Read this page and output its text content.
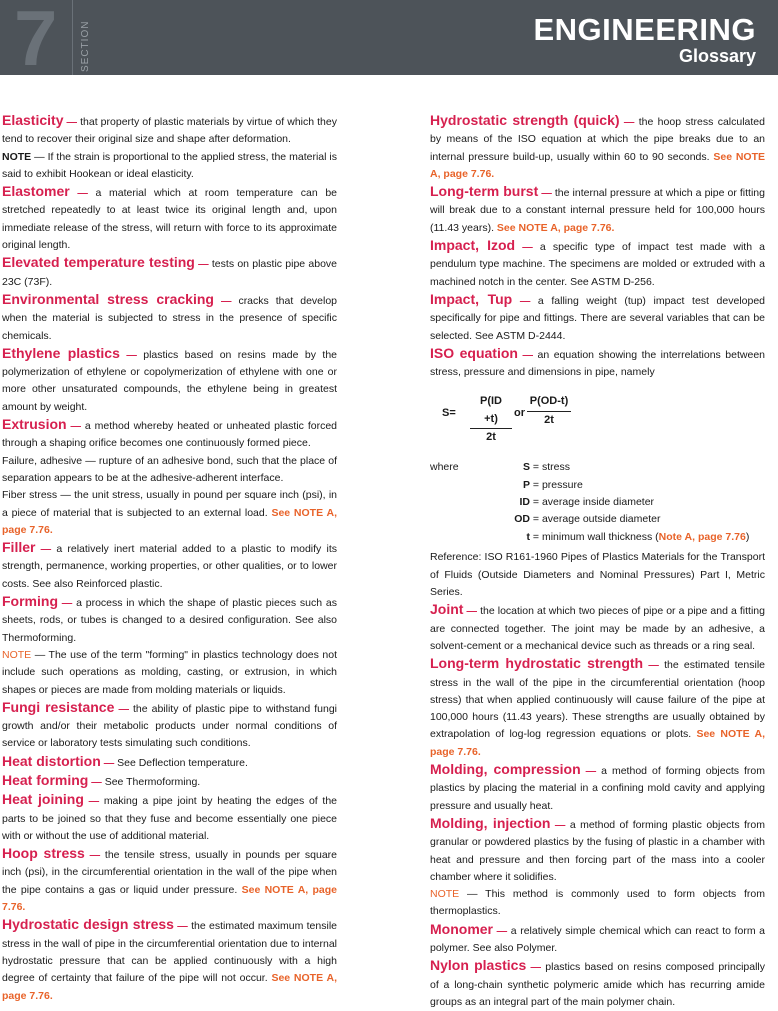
7 SECTION	ENGINEERING
Glossary

Elasticity — that property of plastic materials by virtue of which they tend to recover their original size and shape after deformation.

NOTE — If the strain is proportional to the applied stress, the material is said to exhibit Hookean or ideal elasticity.

Elastomer — a material which at room temperature can be stretched repeatedly to at least twice its original length and, upon immediate release of the stress, will return with force to its approximate original length.

Elevated temperature testing — tests on plastic pipe above 23C (73F).

Environmental stress cracking — cracks that develop when the material is subjected to stress in the presence of specific chemicals.

Ethylene plastics — plastics based on resins made by the polymerization of ethylene or copolymerization of ethylene with one or more other unsaturated compounds, the ethylene being in greatest amount by weight.

Extrusion — a method whereby heated or unheated plastic forced through a shaping orifice becomes one continuously formed piece.

Failure, adhesive — rupture of an adhesive bond, such that the place of separation appears to be at the adhesive-adherent interface.

Fiber stress — the unit stress, usually in pound per square inch (psi), in a piece of material that is subjected to an external load. See NOTE A, page 7.76.

Filler — a relatively inert material added to a plastic to modify its strength, permanence, working properties, or other qualities, or to lower costs. See also Reinforced plastic.

Forming — a process in which the shape of plastic pieces such as sheets, rods, or tubes is changed to a desired configuration. See also Thermoforming.

NOTE — The use of the term "forming" in plastics technology does not include such operations as molding, casting, or extrusion, in which shapes or pieces are made from molding materials or liquids.

Fungi resistance — the ability of plastic pipe to withstand fungi growth and/or their metabolic products under normal conditions of service or laboratory tests simulating such conditions.

Heat distortion — See Deflection temperature.

Heat forming — See Thermoforming.

Heat joining — making a pipe joint by heating the edges of the parts to be joined so that they fuse and become essentially one piece with or without the use of additional material.

Hoop stress — the tensile stress, usually in pounds per square inch (psi), in the circumferential orientation in the wall of the pipe when the pipe contains a gas or liquid under pressure. See NOTE A, page 7.76.

Hydrostatic design stress — the estimated maximum tensile stress in the wall of pipe in the circumferential orientation due to internal hydrostatic pressure that can be applied continuously with a high degree of certainty that failure of the pipe will not occur. See NOTE A, page 7.76.

Hydrostatic strength (quick) — the hoop stress calculated by means of the ISO equation at which the pipe breaks due to an internal pressure build-up, usually within 60 to 90 seconds. See NOTE A, page 7.76.

Long-term burst — the internal pressure at which a pipe or fitting will break due to a constant internal pressure held for 100,000 hours (11.43 years). See NOTE A, page 7.76.

Impact, Izod — a specific type of impact test made with a pendulum type machine. The specimens are molded or extruded with a machined notch in the center. See ASTM D-256.

Impact, Tup — a falling weight (tup) impact test developed specifically for pipe and fittings. There are several variables that can be selected. See ASTM D-2444.

ISO equation — an equation showing the interrelations between stress, pressure and dimensions in pipe, namely

$S= \frac{P(ID +t)}{2t}$ or $\frac{P(OD-t)}{2t}$
where	S = stress
P = pressure
ID = average inside diameter
OD = average outside diameter
t = minimum wall thickness (Note A, page 7.76)

Reference: ISO R161-1960 Pipes of Plastics Materials for the Transport of Fluids (Outside Diameters and Nominal Pressures) Part I, Metric Series.

Joint — the location at which two pieces of pipe or a pipe and a fitting are connected together. The joint may be made by an adhesive, a solvent-cement or a mechanical device such as threads or a ring seal.

Long-term hydrostatic strength — the estimated tensile stress in the wall of the pipe in the circumferential orientation (hoop stress) that when applied continuously will cause failure of the pipe at 100,000 hours (11.43 years). These strengths are usually obtained by extrapolation of log-log regression equations or plots. See NOTE A, page 7.76.

Molding, compression — a method of forming objects from plastics by placing the material in a confining mold cavity and applying pressure and usually heat.

Molding, injection — a method of forming plastic objects from granular or powdered plastics by the fusing of plastic in a chamber with heat and pressure and then forcing part of the mass into a cooler chamber where it solidifies.

NOTE — This method is commonly used to form objects from thermoplastics.

Monomer — a relatively simple chemical which can react to form a polymer. See also Polymer.

Nylon plastics — plastics based on resins composed principally of a long-chain synthetic polymeric amide which has recurring amide groups as an integral part of the main polymer chain.
